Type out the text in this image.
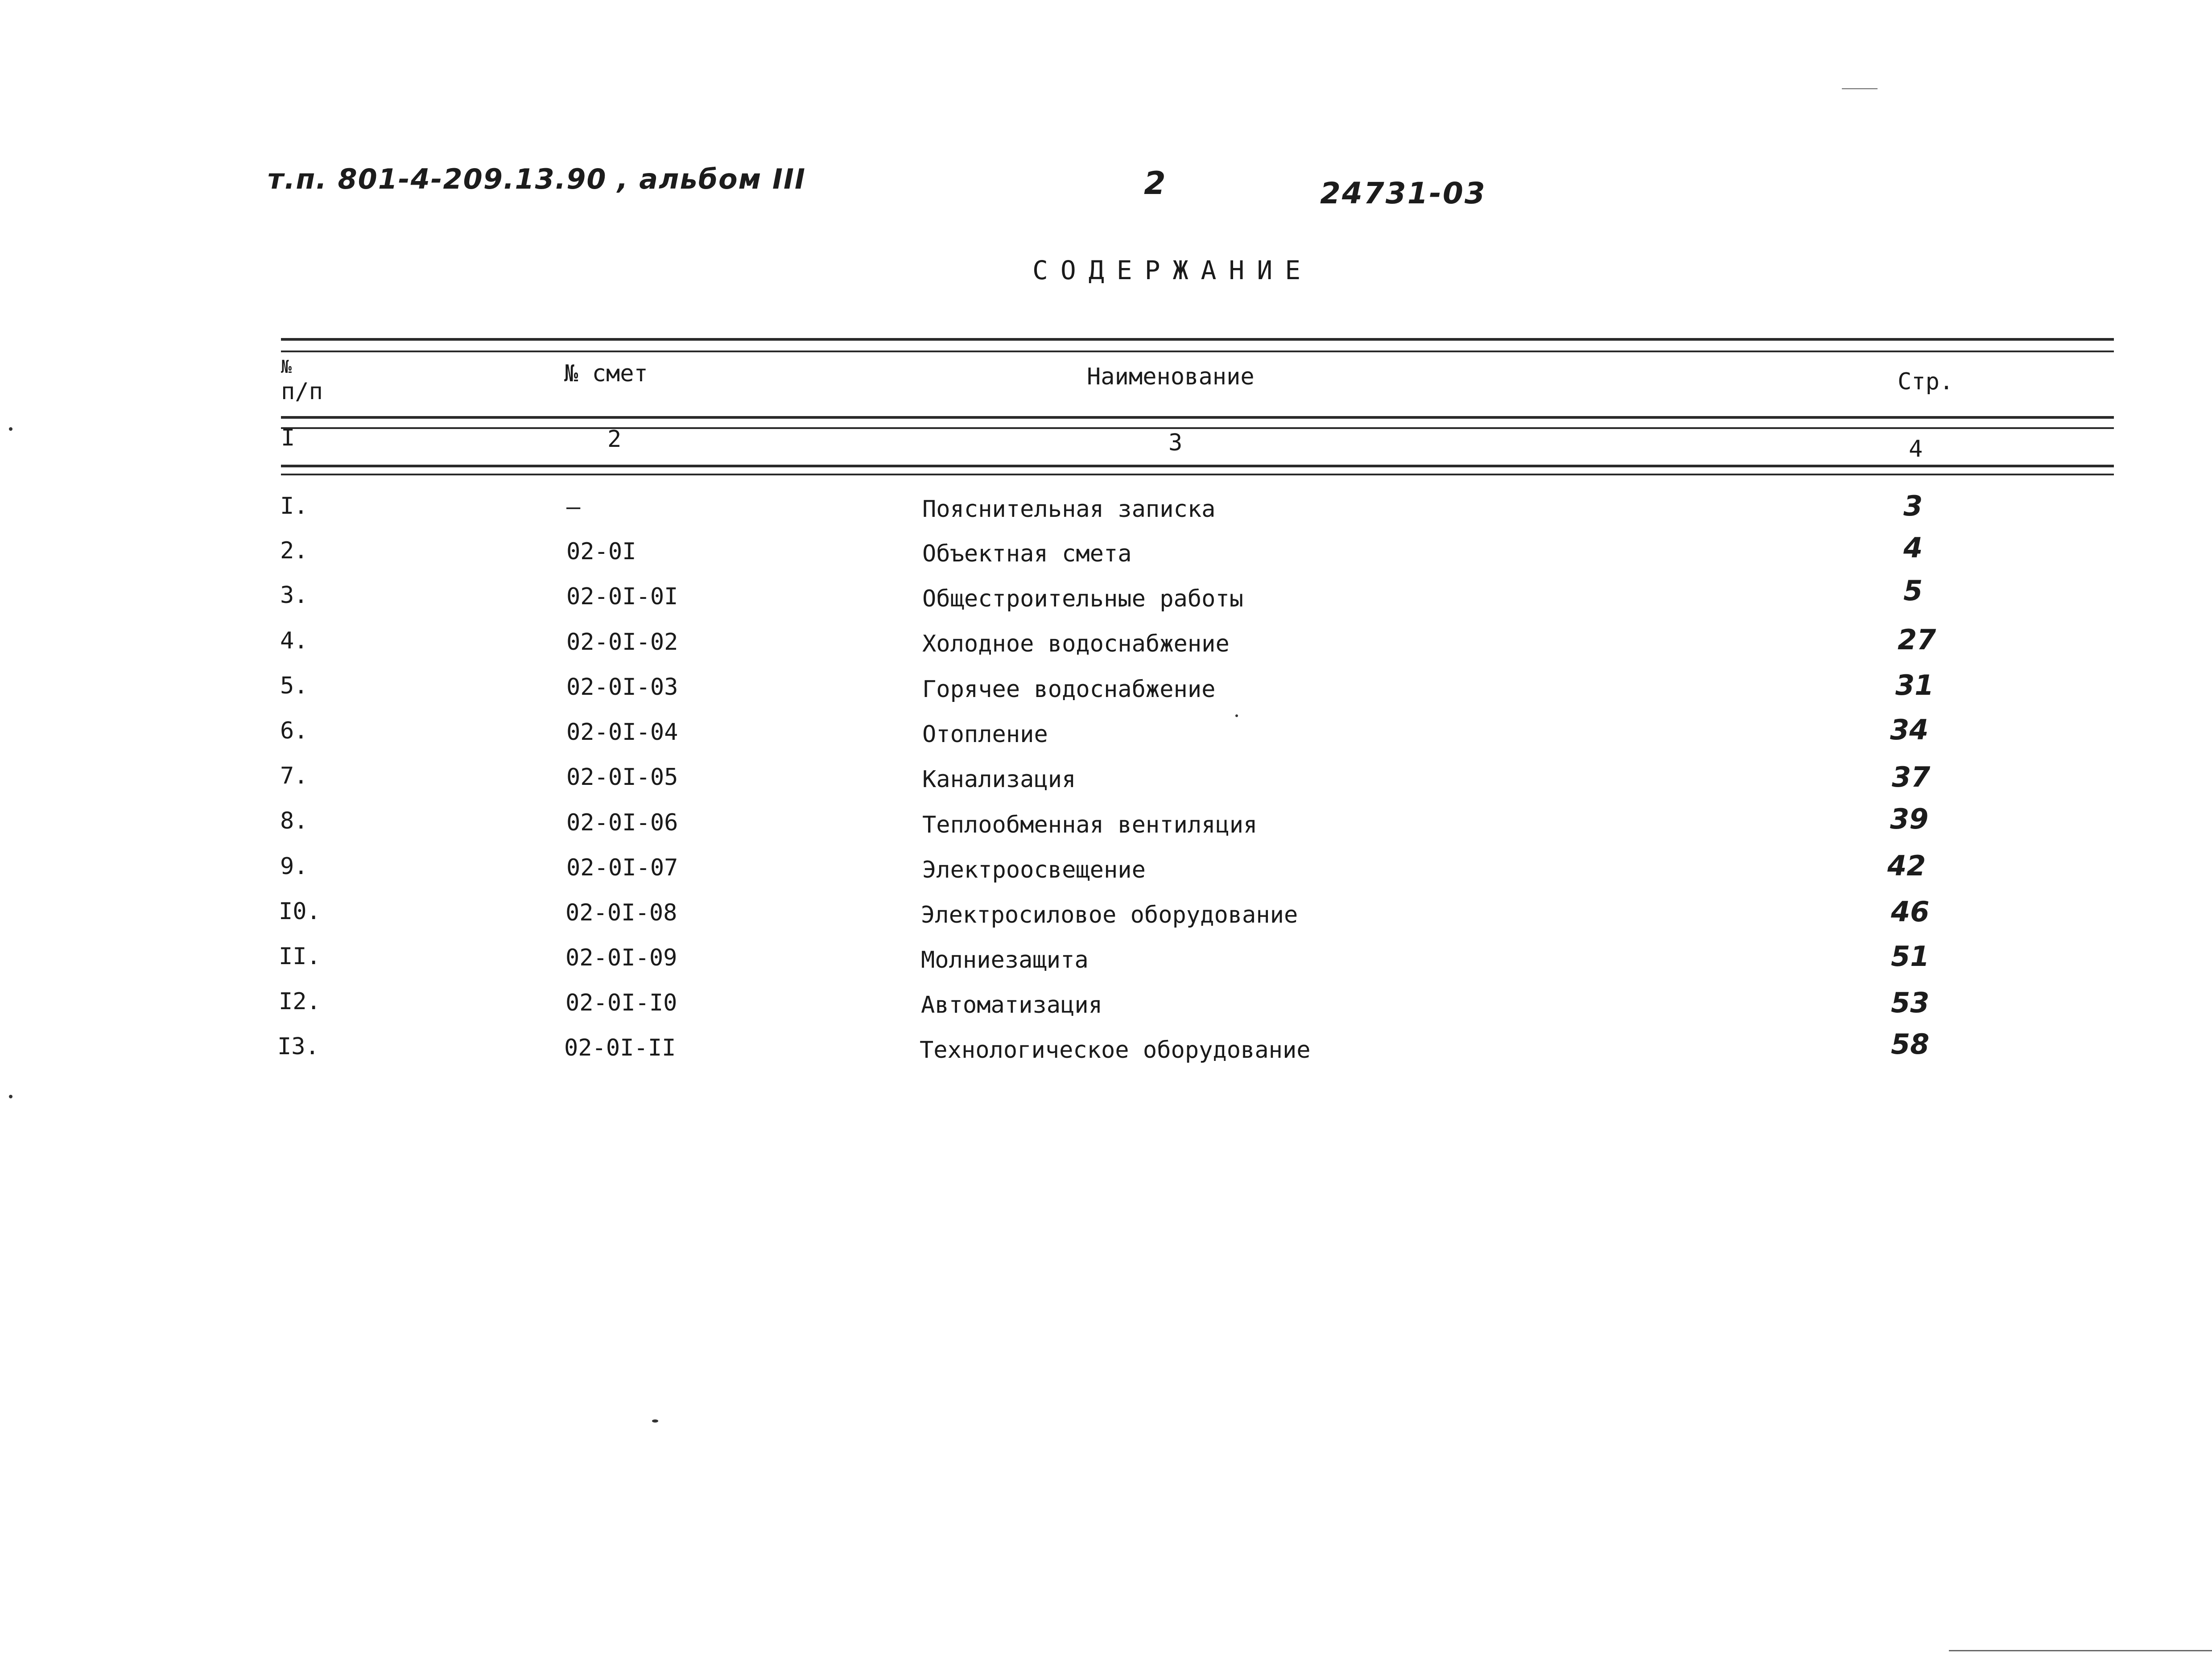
т.п. 801-4-209.13.90 , альбом III	2	24731-03
СОДЕРЖАНИЕ
№
п/п
№ смет	Наименование	Стр.
I	2	3	4
I.	–	Пояснительная записка	3
2.	02-0I	Объектная смета	4
3.	02-0I-0I	Общестроительные работы	5
4.	02-0I-02	Холодное водоснабжение	27
5.	02-0I-03	Горячее водоснабжение	31
6.	02-0I-04	Отопление	34
7.	02-0I-05	Канализация	37
8.	02-0I-06	Теплообменная вентиляция	39
9.	02-0I-07	Электроосвещение	42
I0.	02-0I-08	Электросиловое оборудование	46
II.	02-0I-09	Молниезащита	51
I2.	02-0I-I0	Автоматизация	53
I3.	02-0I-II	Технологическое оборудование	58
